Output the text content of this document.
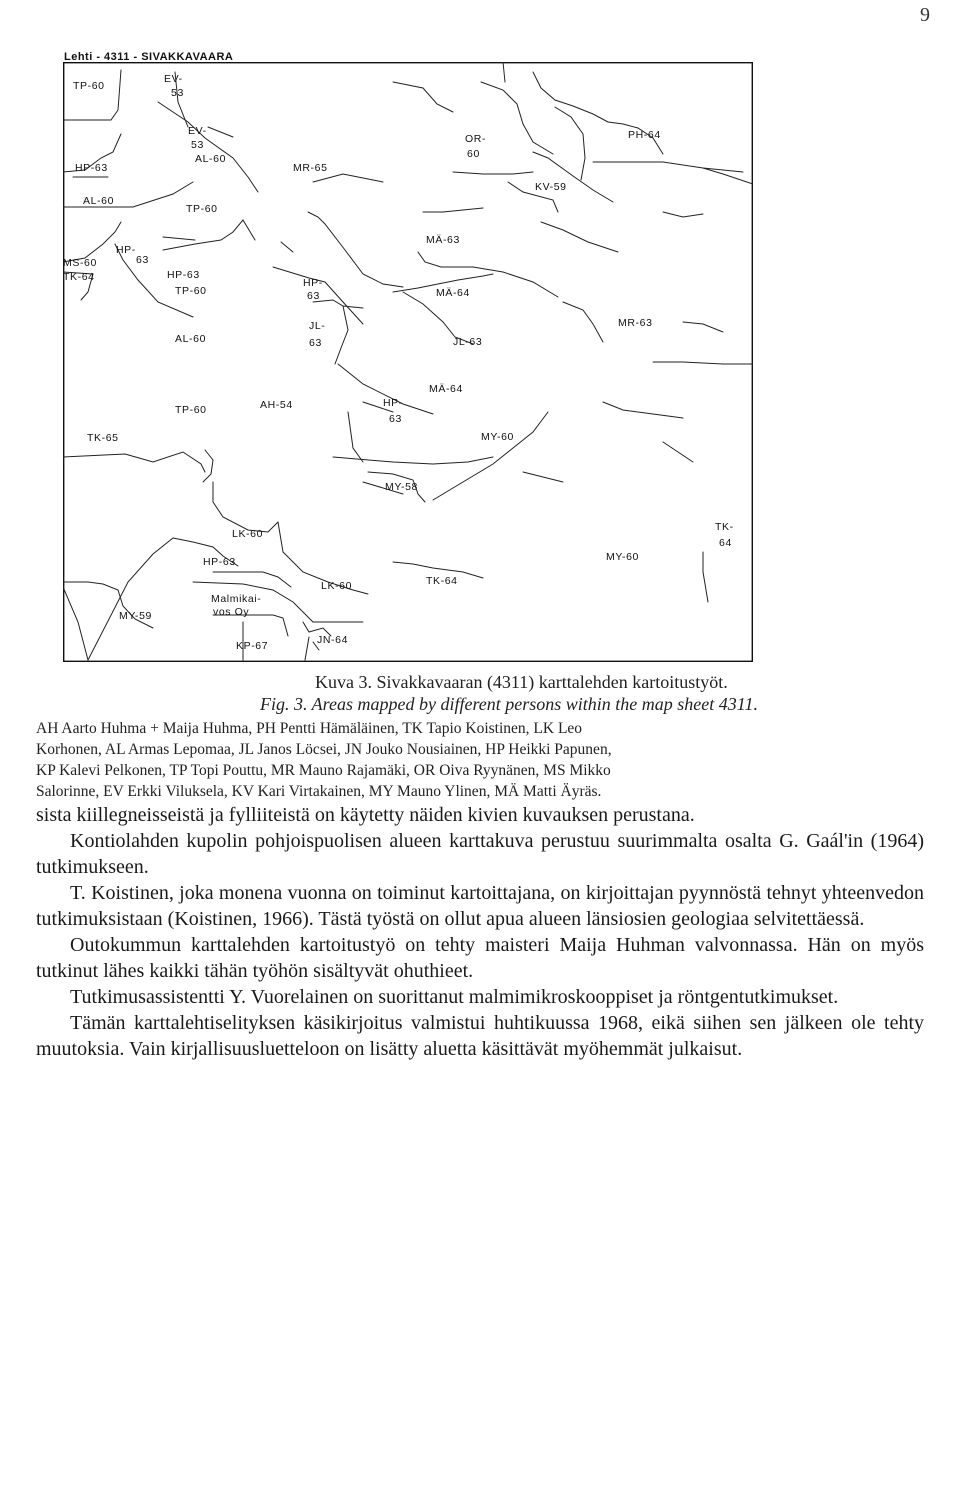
9
Lehti - 4311 - SIVAKKAVAARA
EV-
53
TP-60
EV-
53
AL-60
HP-63	MR-65
OR-
60
PH-64
KV-59
AL-60
TP-60
HP-
63
MS-60
TK-64	HP-63
TP-60
HP-
63
MÄ-63
MÄ-64
MR-63
JL-
63	JL-63
AL-60
MÄ-64
TP-60	AH-54	HP-
63
TK-65	MY-60
MY-58
LK-60
TK-
64
HP-63	MY-60
LK-60	TK-64
Malmikai-
vos Oy
MY-59
KP-67	JN-64
Kuva 3. Sivakkavaaran (4311) karttalehden kartoitustyöt.
Fig. 3. Areas mapped by different persons within the map sheet 4311.

AH Aarto Huhma + Maija Huhma, PH Pentti Hämäläinen, TK Tapio Koistinen, LK Leo

Korhonen, AL Armas Lepomaa, JL Janos Löcsei, JN Jouko Nousiainen, HP Heikki Papunen,

KP Kalevi Pelkonen, TP Topi Pouttu, MR Mauno Rajamäki, OR Oiva Ryynänen, MS Mikko

Salorinne, EV Erkki Viluksela, KV Kari Virtakainen, MY Mauno Ylinen, MÄ Matti Äyräs.

sista kiillegneisseistä ja fylliiteistä on käytetty näiden kivien kuvauksen perustana.

Kontiolahden kupolin pohjoispuolisen alueen karttakuva perustuu suurimmalta osalta G. Gaál'in (1964) tutkimukseen.

T. Koistinen, joka monena vuonna on toiminut kartoittajana, on kirjoittajan pyynnöstä tehnyt yhteenvedon tutkimuksistaan (Koistinen, 1966). Tästä työstä on ollut apua alueen länsiosien geologiaa selvitettäessä.

Outokummun karttalehden kartoitustyö on tehty maisteri Maija Huhman valvonnassa. Hän on myös tutkinut lähes kaikki tähän työhön sisältyvät ohuthieet.

Tutkimusassistentti Y. Vuorelainen on suorittanut malmimikroskooppiset ja röntgentutkimukset.

Tämän karttalehtiselityksen käsikirjoitus valmistui huhtikuussa 1968, eikä siihen sen jälkeen ole tehty muutoksia. Vain kirjallisuusluetteloon on lisätty aluetta käsittävät myöhemmät julkaisut.
